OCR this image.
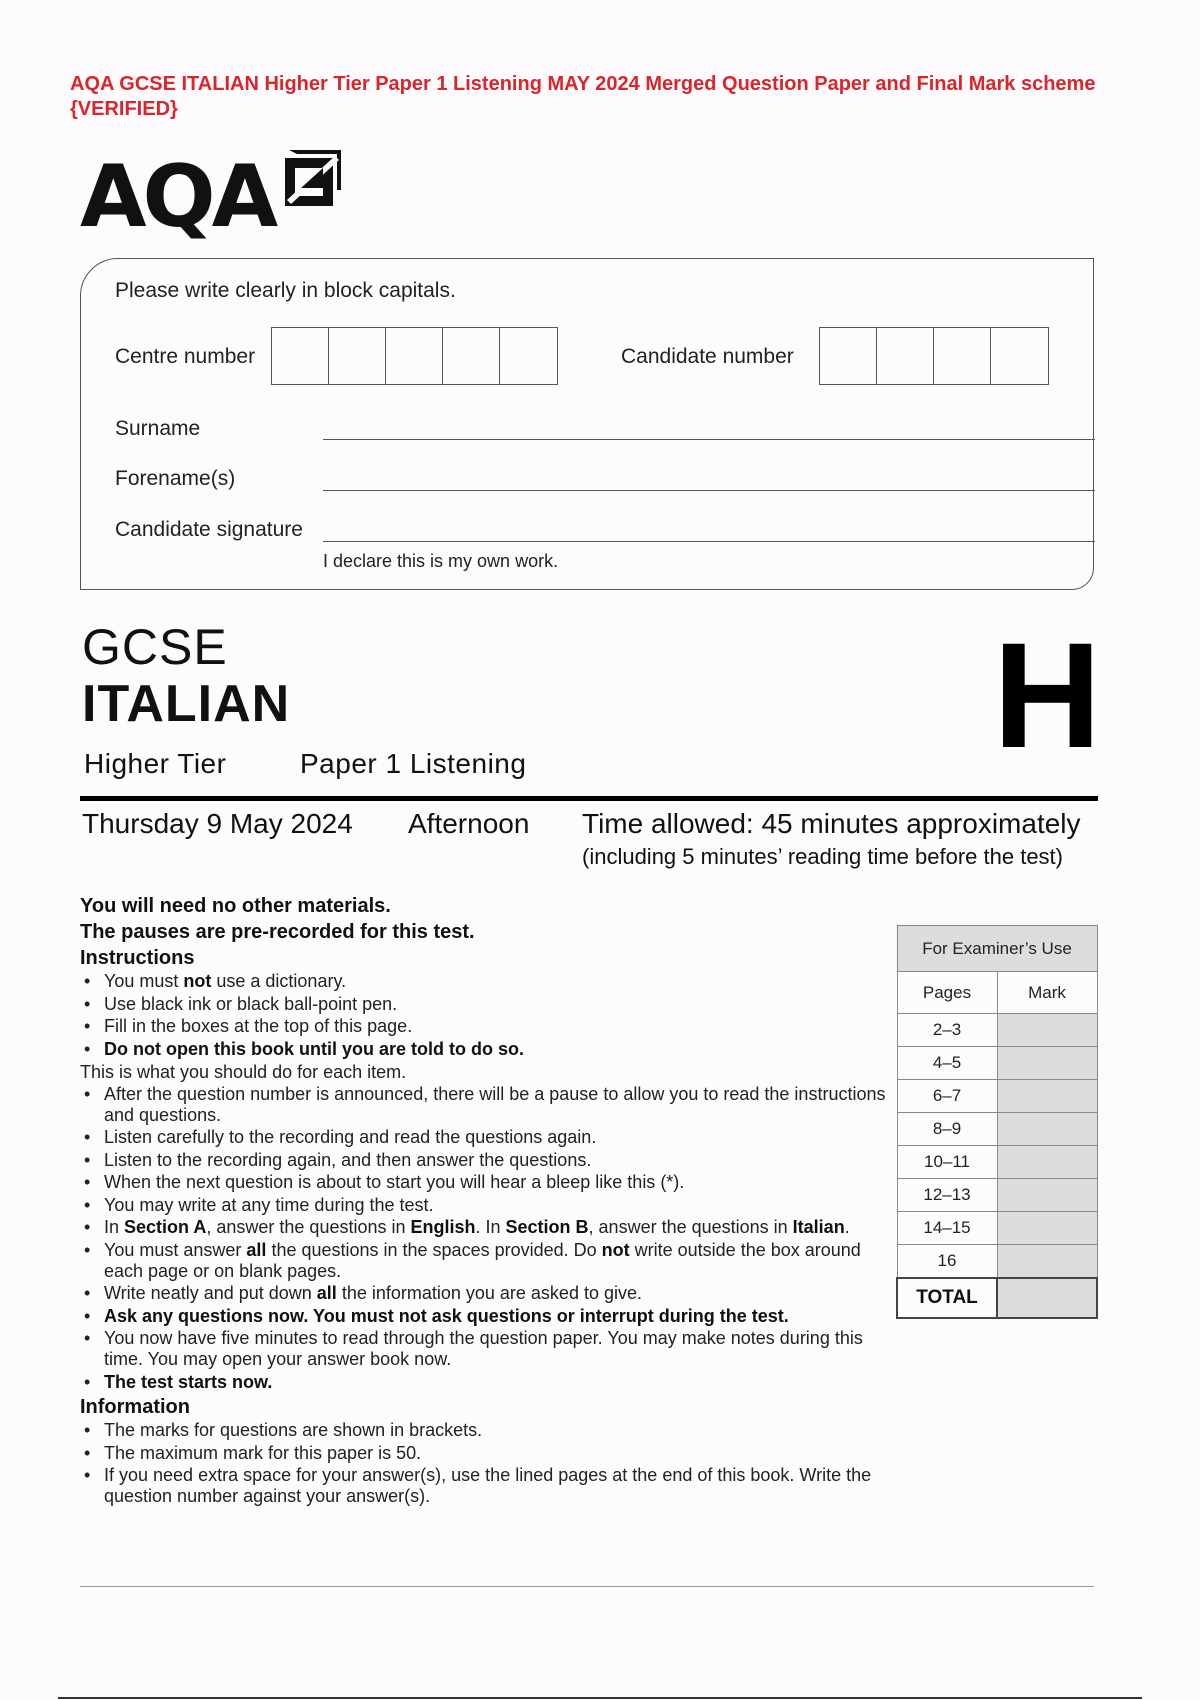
AQA GCSE ITALIAN Higher Tier Paper 1 Listening MAY 2024 Merged Question Paper and Final Mark scheme {VERIFIED}
AQA
Please write clearly in block capitals.
Centre number	Candidate number
Surname
Forename(s)
Candidate signature
I declare this is my own work.
GCSE
ITALIAN
Higher Tier	Paper 1 Listening	H
Thursday 9 May 2024 Afternoon Time allowed: 45 minutes approximately
(including 5 minutes’ reading time before the test)
You will need no other materials.
The pauses are pre-recorded for this test.
Instructions
• You must not use a dictionary.
• Use black ink or black ball-point pen.
• Fill in the boxes at the top of this page.
• Do not open this book until you are told to do so.
This is what you should do for each item.
• After the question number is announced, there will be a pause to allow you to read the instructions and questions.
• Listen carefully to the recording and read the questions again.
• Listen to the recording again, and then answer the questions.
• When the next question is about to start you will hear a bleep like this (*).
• You may write at any time during the test.
• In Section A, answer the questions in English. In Section B, answer the questions in Italian.
• You must answer all the questions in the spaces provided. Do not write outside the box around each page or on blank pages.
• Write neatly and put down all the information you are asked to give.
• Ask any questions now. You must not ask questions or interrupt during the test.
• You now have five minutes to read through the question paper. You may make notes during this time. You may open your answer book now.
• The test starts now.
Information
• The marks for questions are shown in brackets.
• The maximum mark for this paper is 50.
• If you need extra space for your answer(s), use the lined pages at the end of this book. Write the question number against your answer(s).
For Examiner’s Use	
Pages	Mark
2–3	
4–5	
6–7	
8–9	
10–11	
12–13	
14–15	
16	
TOTAL	
